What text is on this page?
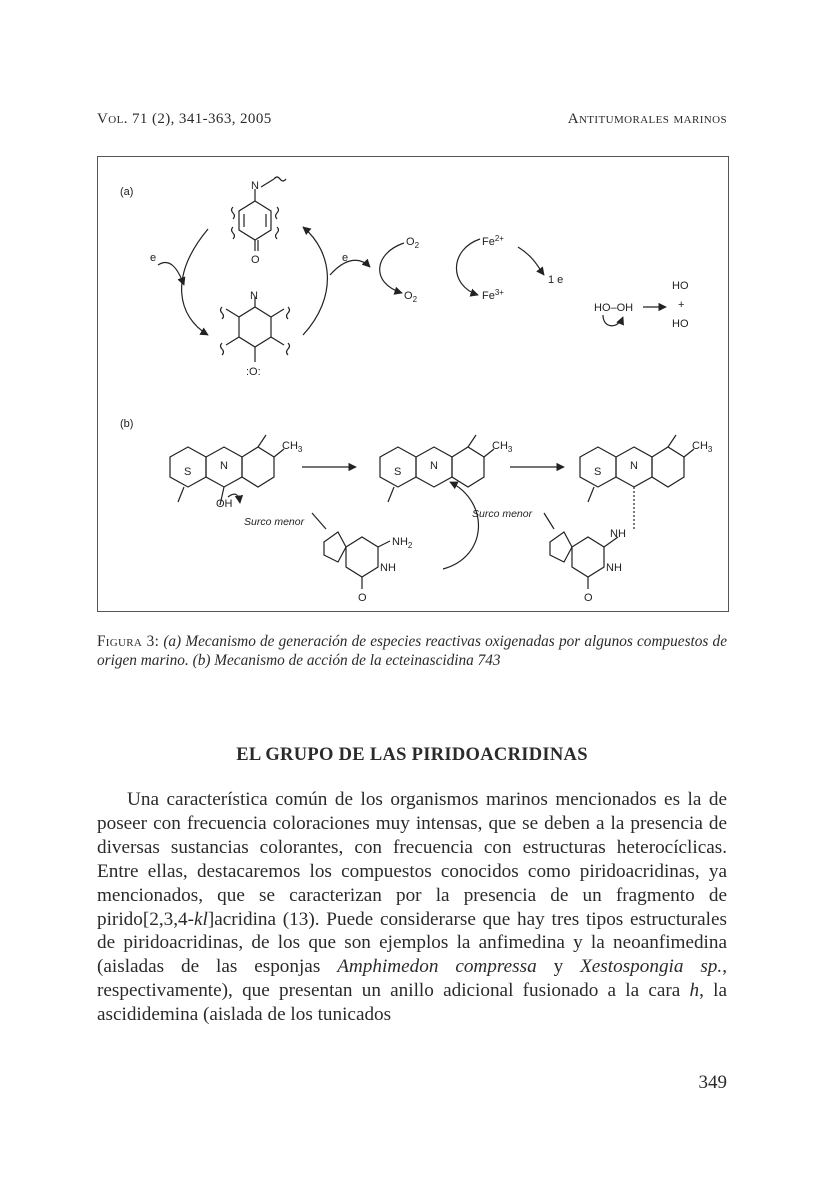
Vol. 71 (2), 341-363, 2005	Antitumorales marinos
(a)
(b)
e	e
N
O
N
:O:
$O_2$
$O_2$
$Fe^{2+}$
$Fe^{3+}$
1 e
HO–OH
HO
+
HO
$CH_3$	$CH_3$	$CH_3$
S	S	S
N	N	N
OH
Surco menor
Surco menor
$NH_2$
NH
O
NH
NH
O
Figura 3: (a) Mecanismo de generación de especies reactivas oxigenadas por algunos compuestos de origen marino. (b) Mecanismo de acción de la ecteinascidina 743
EL GRUPO DE LAS PIRIDOACRIDINAS

Una característica común de los organismos marinos mencionados es la de poseer con frecuencia coloraciones muy intensas, que se deben a la presencia de diversas sustancias colorantes, con frecuencia con estructuras heterocíclicas. Entre ellas, destacaremos los compuestos conocidos como piridoacridinas, ya mencionados, que se caracterizan por la presencia de un fragmento de pirido[2,3,4-kl]acridina (13). Puede considerarse que hay tres tipos estructurales de piridoacridinas, de los que son ejemplos la anfimedina y la neoanfimedina (aisladas de las esponjas Amphimedon compressa y Xestospongia sp., respectivamente), que presentan un anillo adicional fusionado a la cara h, la ascididemina (aislada de los tunicados

349
